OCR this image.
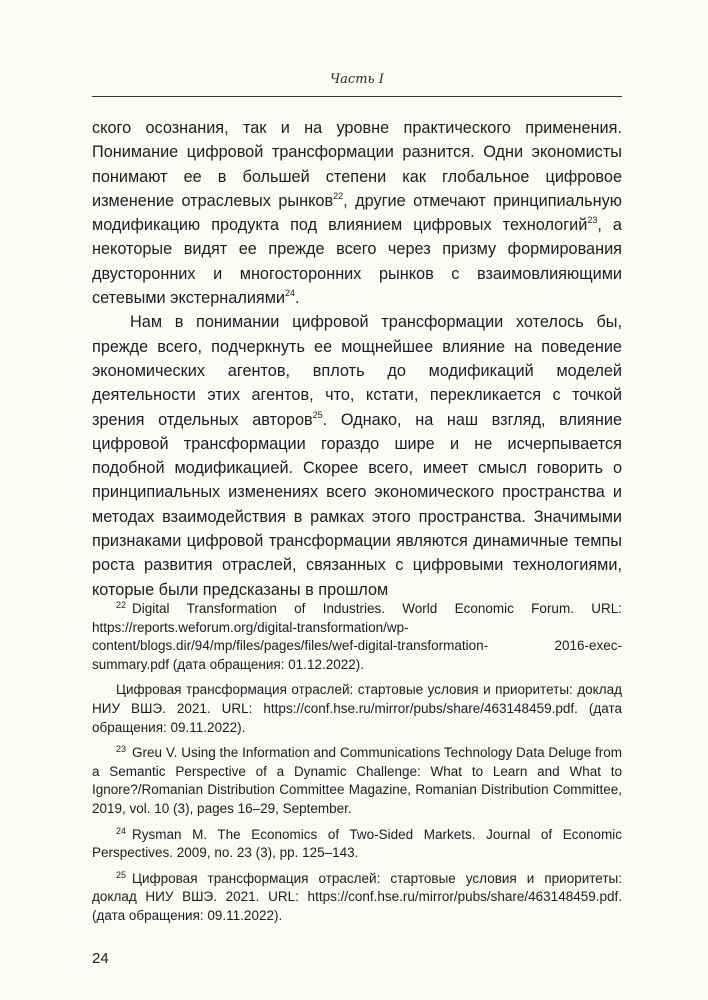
Часть I

ского осознания, так и на уровне практического применения. Понимание цифровой трансформации разнится. Одни экономисты понимают ее в большей степени как глобальное цифровое изменение отраслевых рынков$^{22}$, другие отмечают принципиальную модификацию продукта под влиянием цифровых технологий$^{23}$, а некоторые видят ее прежде всего через призму формирования двусторонних и многосторонних рынков с взаимовлияющими сетевыми экстерналиями$^{24}$.

Нам в понимании цифровой трансформации хотелось бы, прежде всего, подчеркнуть ее мощнейшее влияние на поведение экономических агентов, вплоть до модификаций моделей деятельности этих агентов, что, кстати, перекликается с точкой зрения отдельных авторов$^{25}$. Однако, на наш взгляд, влияние цифровой трансформации гораздо шире и не исчерпывается подобной модификацией. Скорее всего, имеет смысл говорить о принципиальных изменениях всего экономического пространства и методах взаимодействия в рамках этого пространства. Значимыми признаками цифровой трансформации являются динамичные темпы роста развития отраслей, связанных с цифровыми технологиями, которые были предсказаны в прошлом

$^{22}$ Digital Transformation of Industries. World Economic Forum. URL: https://reports.weforum.org/digital-transformation/wp-content/blogs.dir/94/mp/files/pages/files/wef-digital-transformation- 2016-exec-summary.pdf (дата обращения: 01.12.2022).

Цифровая трансформация отраслей: стартовые условия и приоритеты: доклад НИУ ВШЭ. 2021. URL: https://conf.hse.ru/mirror/pubs/share/463148459.pdf. (дата обращения: 09.11.2022).

$^{23}$ Greu V. Using the Information and Communications Technology Data Deluge from a Semantic Perspective of a Dynamic Challenge: What to Learn and What to Ignore?/Romanian Distribution Committee Magazine, Romanian Distribution Committee, 2019, vol. 10 (3), pages 16–29, September.

$^{24}$ Rysman M. The Economics of Two-Sided Markets. Journal of Economic Perspectives. 2009, no. 23 (3), pp. 125–143.

$^{25}$ Цифровая трансформация отраслей: стартовые условия и приоритеты: доклад НИУ ВШЭ. 2021. URL: https://conf.hse.ru/mirror/pubs/share/463148459.pdf. (дата обращения: 09.11.2022).

24
